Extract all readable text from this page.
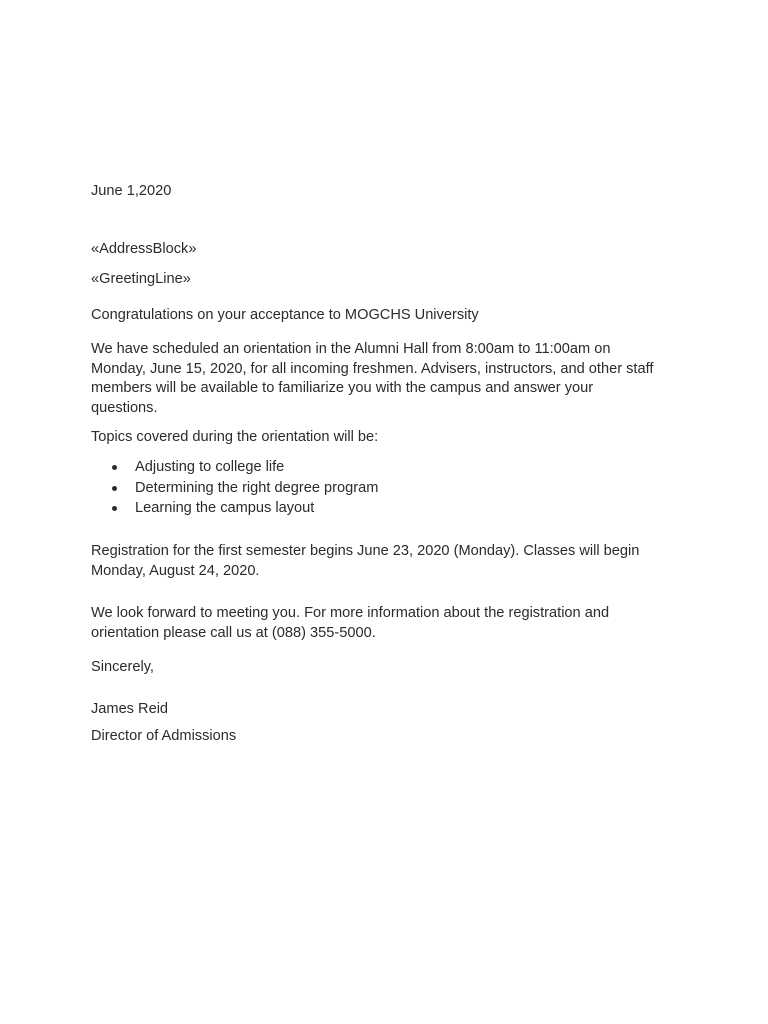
June 1,2020

«AddressBlock»

«GreetingLine»

Congratulations on your acceptance to MOGCHS University

We have scheduled an orientation in the Alumni Hall from 8:00am to 11:00am on
Monday, June 15, 2020, for all incoming freshmen. Advisers, instructors, and other staff
members will be available to familiarize you with the campus and answer your
questions.

Topics covered during the orientation will be:

Adjusting to college life
Determining the right degree program
Learning the campus layout
Registration for the first semester begins June 23, 2020 (Monday). Classes will begin
Monday, August 24, 2020.
We look forward to meeting you. For more information about the registration and
orientation please call us at (088) 355-5000.

Sincerely,

James Reid

Director of Admissions
